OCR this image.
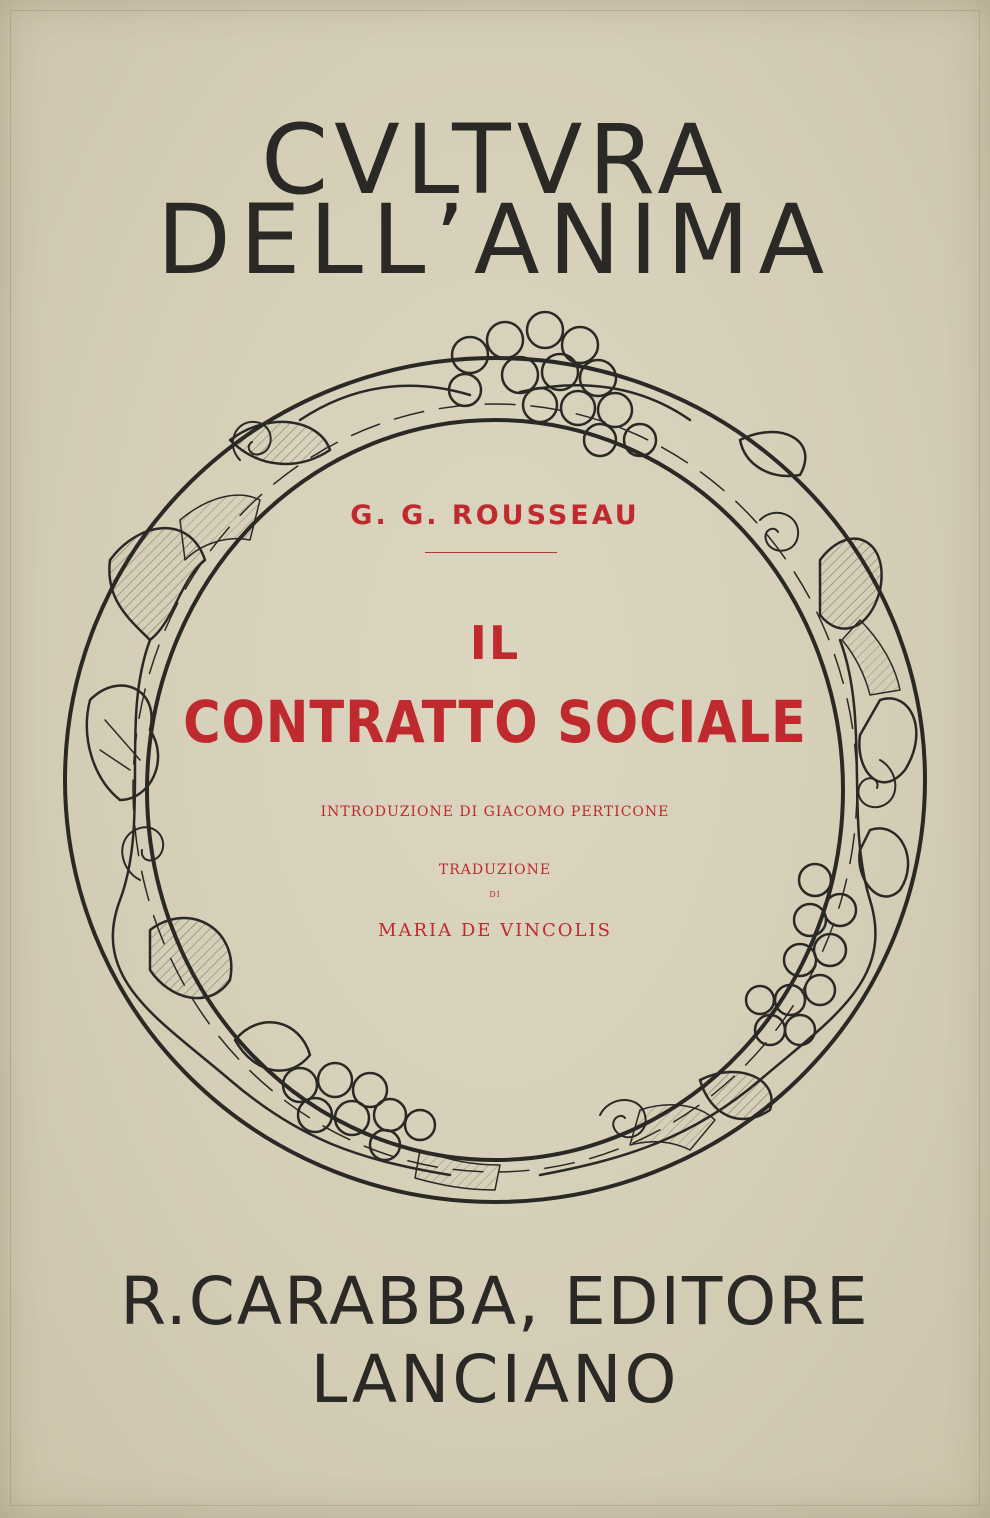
CVLTVRA
DELL’ANIMA
G. G. ROUSSEAU
IL
CONTRATTO SOCIALE
INTRODUZIONE DI GIACOMO PERTICONE
TRADUZIONE
DI
MARIA DE VINCOLIS
R.CARABBA, EDITORE
LANCIANO
